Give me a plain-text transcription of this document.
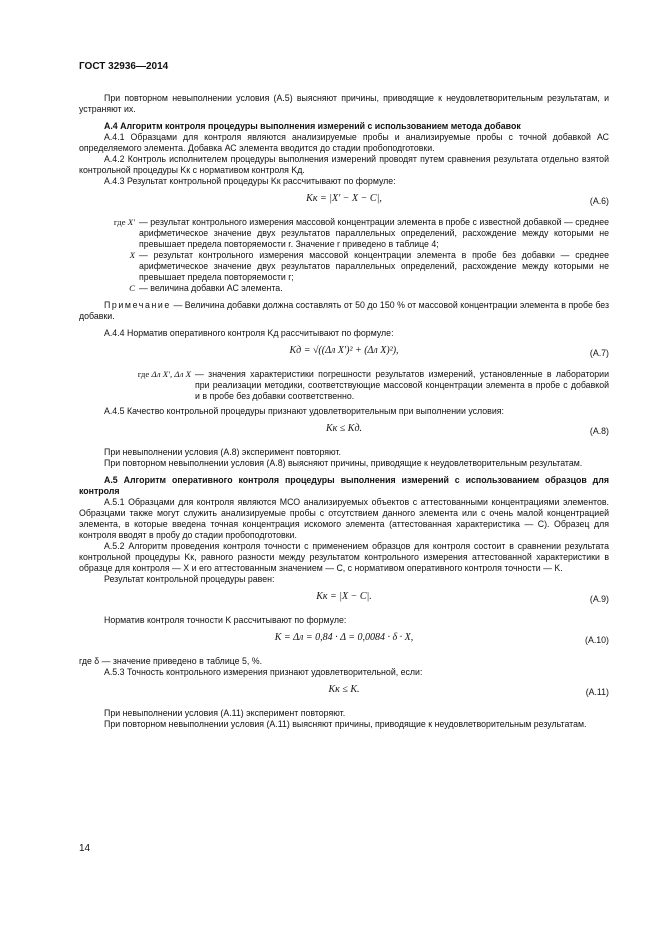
ГОСТ 32936—2014

При повторном невыполнении условия (А.5) выясняют причины, приводящие к неудовлетворительным результатам, и устраняют их.

А.4 Алгоритм контроля процедуры выполнения измерений с использованием метода добавок

А.4.1 Образцами для контроля являются анализируемые пробы и анализируемые пробы с точной добавкой АС определяемого элемента. Добавка АС элемента вводится до стадии пробоподготовки.

А.4.2 Контроль исполнителем процедуры выполнения измерений проводят путем сравнения результата отдельно взятой контрольной процедуры Kк с нормативом контроля Kд.

А.4.3 Результат контрольной процедуры Kк рассчитывают по формуле:

Kк = |X′ − X − C|,	(А.6)
где X′ — результат контрольного измерения массовой концентрации элемента в пробе с известной добавкой — среднее арифметическое значение двух результатов параллельных определений, расхождение между которыми не превышает предела повторяемости r. Значение r приведено в таблице 4;
X — результат контрольного измерения массовой концентрации элемента в пробе без добавки — среднее арифметическое значение двух результатов параллельных определений, расхождение между которыми не превышает предела повторяемости r;
C — величина добавки АС элемента.

Примечание — Величина добавки должна составлять от 50 до 150 % от массовой концентрации элемента в пробе без добавки.

А.4.4 Норматив оперативного контроля Kд рассчитывают по формуле:

Kд = √((Δл X′)² + (Δл X)²),	(А.7)
где Δл X′, Δл X — значения характеристики погрешности результатов измерений, установленные в лаборатории при реализации методики, соответствующие массовой концентрации элемента в пробе с добавкой и в пробе без добавки соответственно.

А.4.5 Качество контрольной процедуры признают удовлетворительным при выполнении условия:

Kк ≤ Kд.	(А.8)

При невыполнении условия (А.8) эксперимент повторяют.

При повторном невыполнении условия (А.8) выясняют причины, приводящие к неудовлетворительным результатам.

А.5 Алгоритм оперативного контроля процедуры выполнения измерений с использованием образцов для контроля

А.5.1 Образцами для контроля являются МСО анализируемых объектов с аттестованными концентрациями элементов. Образцами также могут служить анализируемые пробы с отсутствием данного элемента или с очень малой концентрацией элемента, в которые введена точная концентрация искомого элемента (аттестованная характеристика — C). Образец для контроля вводят в пробу до стадии пробоподготовки.

А.5.2 Алгоритм проведения контроля точности с применением образцов для контроля состоит в сравнении результата контрольной процедуры Kк, равного разности между результатом контрольного измерения аттестованной характеристики в образце для контроля — X и его аттестованным значением — C, с нормативом оперативного контроля точности — K.

Результат контрольной процедуры равен:

Kк = |X − C|.	(А.9)

Норматив контроля точности K рассчитывают по формуле:

K = Δл = 0,84 · Δ = 0,0084 · δ · X,	(А.10)

где δ — значение приведено в таблице 5, %.

А.5.3 Точность контрольного измерения признают удовлетворительной, если:

Kк ≤ K.	(А.11)

При невыполнении условия (А.11) эксперимент повторяют.

При повторном невыполнении условия (А.11) выясняют причины, приводящие к неудовлетворительным результатам.

14
